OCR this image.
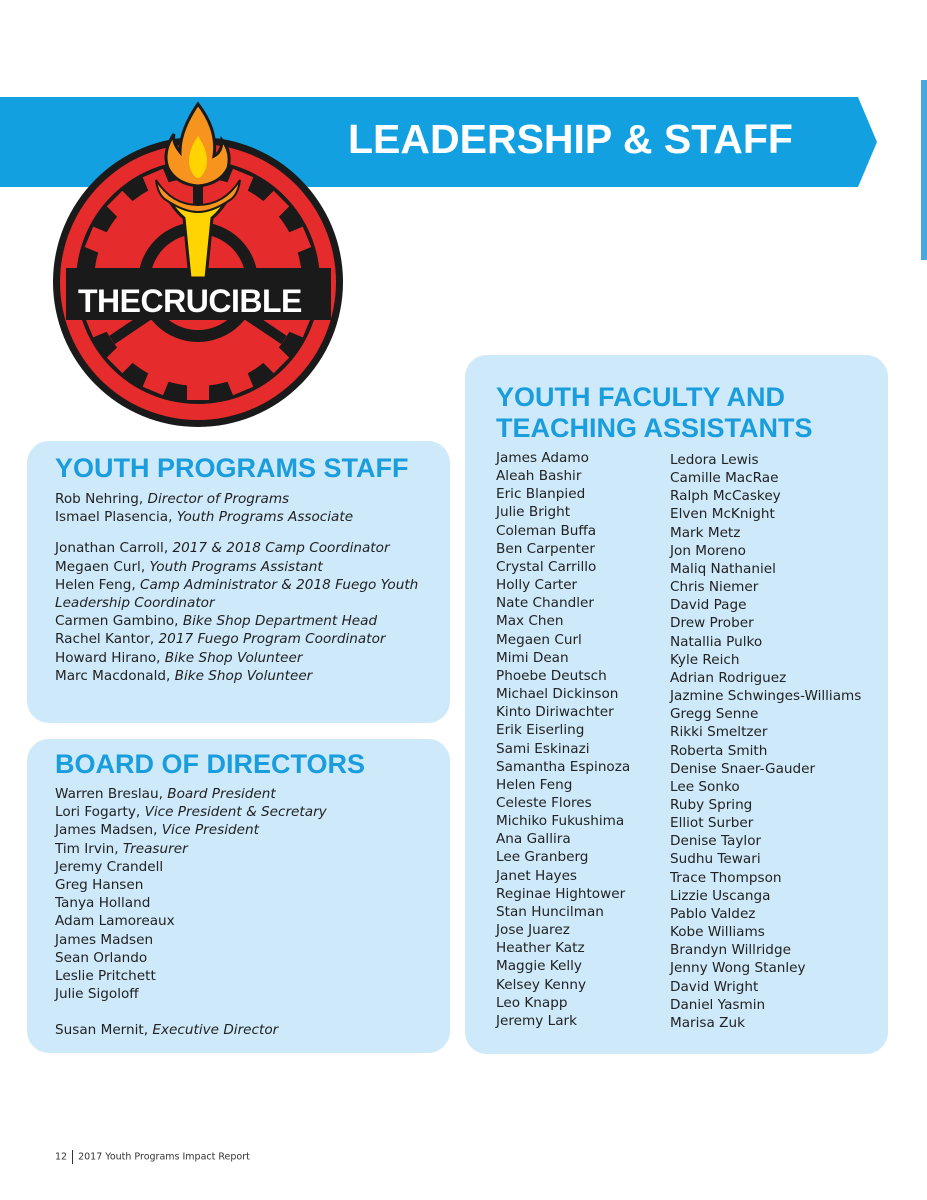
LEADERSHIP & STAFF
THECRUCIBLE
YOUTH PROGRAMS STAFF
Rob Nehring, Director of Programs
Ismael Plasencia, Youth Programs Associate
Jonathan Carroll, 2017 & 2018 Camp Coordinator
Megaen Curl, Youth Programs Assistant
Helen Feng, Camp Administrator & 2018 Fuego Youth
Leadership Coordinator
Carmen Gambino, Bike Shop Department Head
Rachel Kantor, 2017 Fuego Program Coordinator
Howard Hirano, Bike Shop Volunteer
Marc Macdonald, Bike Shop Volunteer
BOARD OF DIRECTORS
Warren Breslau, Board President
Lori Fogarty, Vice President & Secretary
James Madsen, Vice President
Tim Irvin, Treasurer
Jeremy Crandell
Greg Hansen
Tanya Holland
Adam Lamoreaux
James Madsen
Sean Orlando
Leslie Pritchett
Julie Sigoloff
Susan Mernit, Executive Director
YOUTH FACULTY AND
TEACHING ASSISTANTS
James Adamo
Aleah Bashir
Eric Blanpied
Julie Bright
Coleman Buffa
Ben Carpenter
Crystal Carrillo
Holly Carter
Nate Chandler
Max Chen
Megaen Curl
Mimi Dean
Phoebe Deutsch
Michael Dickinson
Kinto Diriwachter
Erik Eiserling
Sami Eskinazi
Samantha Espinoza
Helen Feng
Celeste Flores
Michiko Fukushima
Ana Gallira
Lee Granberg
Janet Hayes
Reginae Hightower
Stan Huncilman
Jose Juarez
Heather Katz
Maggie Kelly
Kelsey Kenny
Leo Knapp
Jeremy Lark
Ledora Lewis
Camille MacRae
Ralph McCaskey
Elven McKnight
Mark Metz
Jon Moreno
Maliq Nathaniel
Chris Niemer
David Page
Drew Prober
Natallia Pulko
Kyle Reich
Adrian Rodriguez
Jazmine Schwinges-Williams
Gregg Senne
Rikki Smeltzer
Roberta Smith
Denise Snaer-Gauder
Lee Sonko
Ruby Spring
Elliot Surber
Denise Taylor
Sudhu Tewari
Trace Thompson
Lizzie Uscanga
Pablo Valdez
Kobe Williams
Brandyn Willridge
Jenny Wong Stanley
David Wright
Daniel Yasmin
Marisa Zuk
12 2017 Youth Programs Impact Report
